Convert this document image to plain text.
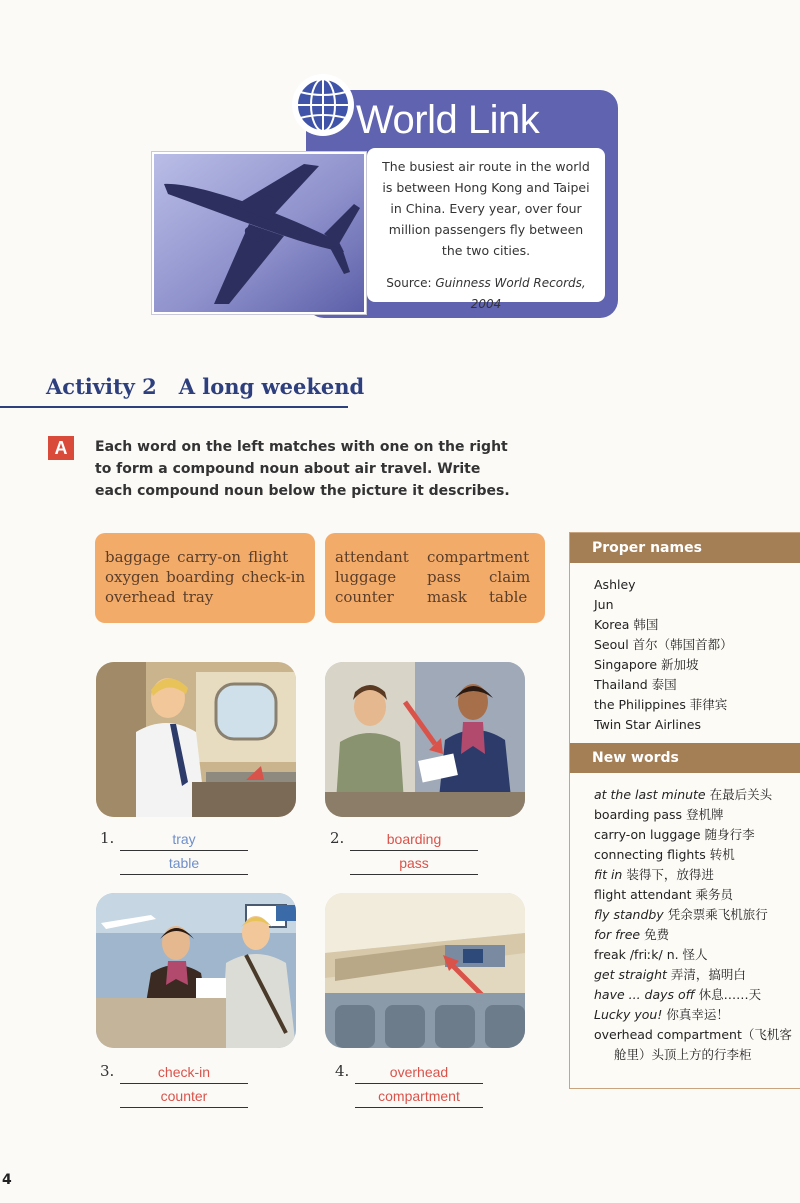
The busiest air route in the world
is between Hong Kong and Taipei
in China. Every year, over four
million passengers fly between
the two cities.
Source: Guinness World Records, 2004
World Link
Activity 2   A long weekend
A	Each word on the left matches with one on the right
to form a compound noun about air travel. Write
each compound noun below the picture it describes.
baggage carry-on flight
oxygen boarding check-in
overhead tray
attendant compartment
luggage pass claim
counter mask table
1.	tray
table
2.	boarding
pass
3.	check-in
counter
4.	overhead
compartment
Proper names
Ashley
Jun
Korea 韩国
Seoul 首尔（韩国首都）
Singapore 新加坡
Thailand 泰国
the Philippines 菲律宾
Twin Star Airlines
New words
at the last minute 在最后关头
boarding pass 登机牌
carry-on luggage 随身行李
connecting flights 转机
fit in 装得下，放得进
flight attendant 乘务员
fly standby 凭余票乘飞机旅行
for free 免费
freak /friːk/ n. 怪人
get straight 弄清，搞明白
have ... days off 休息……天
Lucky you! 你真幸运！
overhead compartment（飞机客
舱里）头顶上方的行李柜
4
